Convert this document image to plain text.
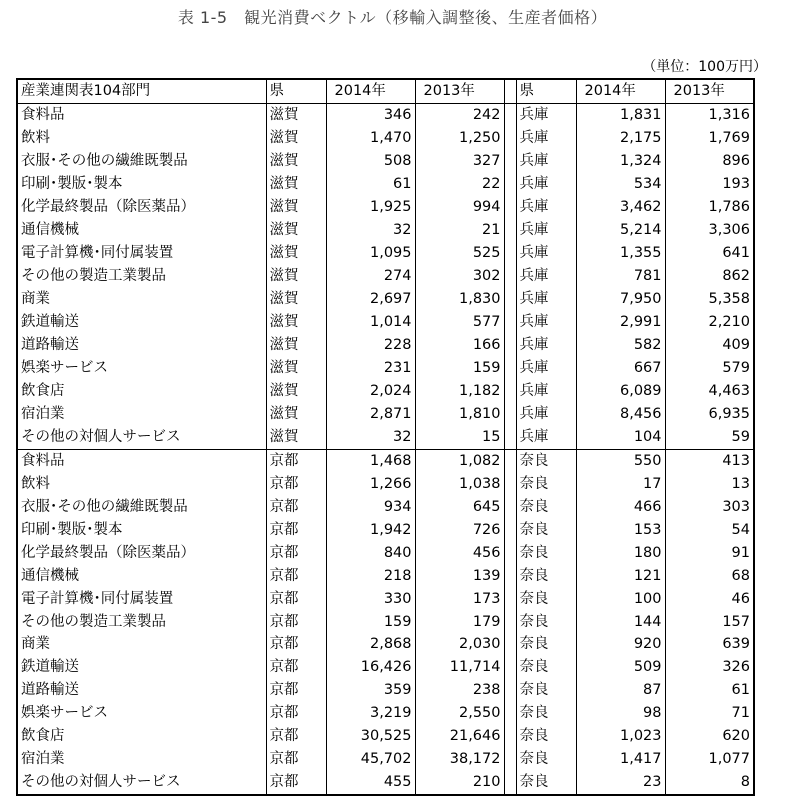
表 1-5　観光消費ベクトル（移輸入調整後、生産者価格）
（単位：100万円）
産業連関表104部門	県	2014年	2013年		県	2014年	2013年
食料品	滋賀	346	242		兵庫	1,831	1,316
飲料	滋賀	1,470	1,250		兵庫	2,175	1,769
衣服･その他の繊維既製品	滋賀	508	327		兵庫	1,324	896
印刷･製版･製本	滋賀	61	22		兵庫	534	193
化学最終製品（除医薬品）	滋賀	1,925	994		兵庫	3,462	1,786
通信機械	滋賀	32	21		兵庫	5,214	3,306
電子計算機･同付属装置	滋賀	1,095	525		兵庫	1,355	641
その他の製造工業製品	滋賀	274	302		兵庫	781	862
商業	滋賀	2,697	1,830		兵庫	7,950	5,358
鉄道輸送	滋賀	1,014	577		兵庫	2,991	2,210
道路輸送	滋賀	228	166		兵庫	582	409
娯楽サービス	滋賀	231	159		兵庫	667	579
飲食店	滋賀	2,024	1,182		兵庫	6,089	4,463
宿泊業	滋賀	2,871	1,810		兵庫	8,456	6,935
その他の対個人サービス	滋賀	32	15		兵庫	104	59
食料品	京都	1,468	1,082		奈良	550	413
飲料	京都	1,266	1,038		奈良	17	13
衣服･その他の繊維既製品	京都	934	645		奈良	466	303
印刷･製版･製本	京都	1,942	726		奈良	153	54
化学最終製品（除医薬品）	京都	840	456		奈良	180	91
通信機械	京都	218	139		奈良	121	68
電子計算機･同付属装置	京都	330	173		奈良	100	46
その他の製造工業製品	京都	159	179		奈良	144	157
商業	京都	2,868	2,030		奈良	920	639
鉄道輸送	京都	16,426	11,714		奈良	509	326
道路輸送	京都	359	238		奈良	87	61
娯楽サービス	京都	3,219	2,550		奈良	98	71
飲食店	京都	30,525	21,646		奈良	1,023	620
宿泊業	京都	45,702	38,172		奈良	1,417	1,077
その他の対個人サービス	京都	455	210		奈良	23	8
